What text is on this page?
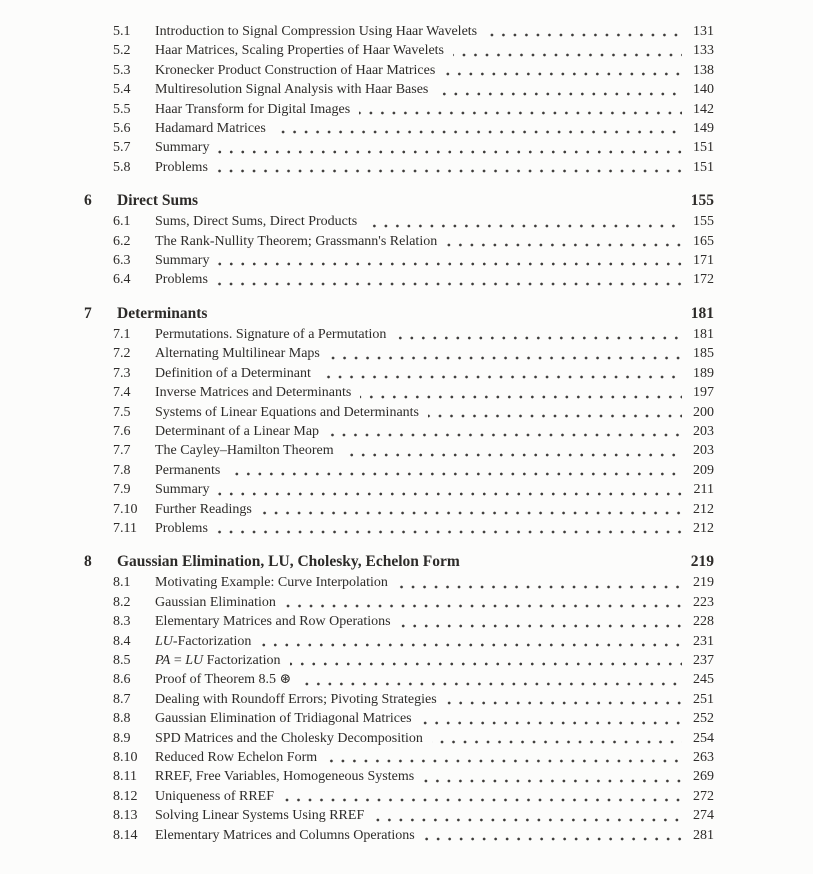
5.1	Introduction to Signal Compression Using Haar Wavelets	131
5.2	Haar Matrices, Scaling Properties of Haar Wavelets	133
5.3	Kronecker Product Construction of Haar Matrices	138
5.4	Multiresolution Signal Analysis with Haar Bases	140
5.5	Haar Transform for Digital Images	142
5.6	Hadamard Matrices	149
5.7	Summary	151
5.8	Problems	151
6	Direct Sums	155
6.1	Sums, Direct Sums, Direct Products	155
6.2	The Rank-Nullity Theorem; Grassmann's Relation	165
6.3	Summary	171
6.4	Problems	172
7	Determinants	181
7.1	Permutations. Signature of a Permutation	181
7.2	Alternating Multilinear Maps	185
7.3	Definition of a Determinant	189
7.4	Inverse Matrices and Determinants	197
7.5	Systems of Linear Equations and Determinants	200
7.6	Determinant of a Linear Map	203
7.7	The Cayley–Hamilton Theorem	203
7.8	Permanents	209
7.9	Summary	211
7.10	Further Readings	212
7.11	Problems	212
8	Gaussian Elimination, LU, Cholesky, Echelon Form	219
8.1	Motivating Example: Curve Interpolation	219
8.2	Gaussian Elimination	223
8.3	Elementary Matrices and Row Operations	228
8.4	LU-Factorization	231
8.5	PA = LU Factorization	237
8.6	Proof of Theorem 8.5 ⊛	245
8.7	Dealing with Roundoff Errors; Pivoting Strategies	251
8.8	Gaussian Elimination of Tridiagonal Matrices	252
8.9	SPD Matrices and the Cholesky Decomposition	254
8.10	Reduced Row Echelon Form	263
8.11	RREF, Free Variables, Homogeneous Systems	269
8.12	Uniqueness of RREF	272
8.13	Solving Linear Systems Using RREF	274
8.14	Elementary Matrices and Columns Operations	281
